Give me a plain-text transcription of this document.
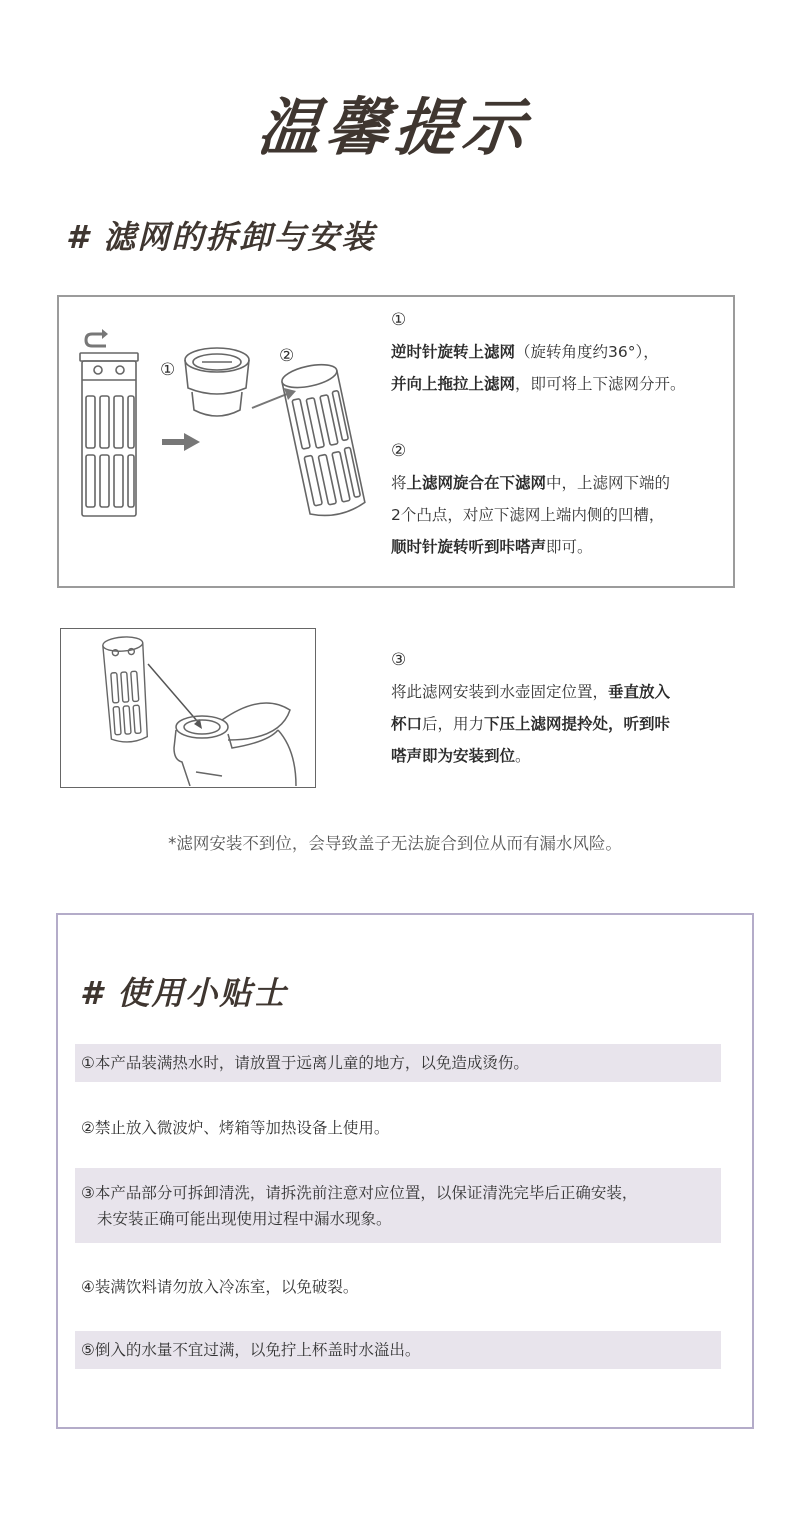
温馨提示
# 滤网的拆卸与安装
①
②
①
逆时针旋转上滤网（旋转角度约36°），
并向上拖拉上滤网，即可将上下滤网分开。
②
将上滤网旋合在下滤网中，上滤网下端的
2个凸点，对应下滤网上端内侧的凹槽，
顺时针旋转听到咔嗒声即可。
③
将此滤网安装到水壶固定位置，垂直放入
杯口后，用力下压上滤网提拎处，听到咔
嗒声即为安装到位。
*滤网安装不到位，会导致盖子无法旋合到位从而有漏水风险。
# 使用小贴士
①本产品装满热水时，请放置于远离儿童的地方，以免造成烫伤。
②禁止放入微波炉、烤箱等加热设备上使用。
③本产品部分可拆卸清洗，请拆洗前注意对应位置，以保证清洗完毕后正确安装，
未安装正确可能出现使用过程中漏水现象。
④装满饮料请勿放入冷冻室，以免破裂。
⑤倒入的水量不宜过满，以免拧上杯盖时水溢出。
